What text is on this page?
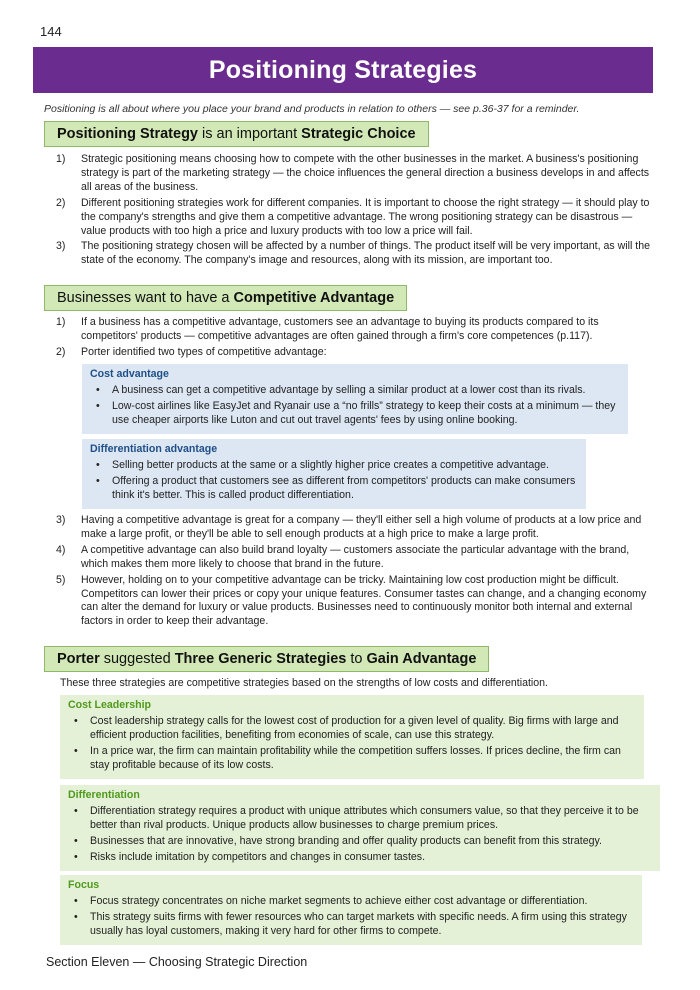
144
Positioning Strategies
Positioning is all about where you place your brand and products in relation to others — see p.36-37 for a reminder.
Positioning Strategy is an important Strategic Choice
1) Strategic positioning means choosing how to compete with the other businesses in the market. A business's positioning strategy is part of the marketing strategy — the choice influences the general direction a business develops in and affects all areas of the business.
2) Different positioning strategies work for different companies. It is important to choose the right strategy — it should play to the company's strengths and give them a competitive advantage. The wrong positioning strategy can be disastrous — value products with too high a price and luxury products with too low a price will fail.
3) The positioning strategy chosen will be affected by a number of things. The product itself will be very important, as will the state of the economy. The company's image and resources, along with its mission, are important too.
Businesses want to have a Competitive Advantage
1) If a business has a competitive advantage, customers see an advantage to buying its products compared to its competitors' products — competitive advantages are often gained through a firm's core competences (p.117).
2) Porter identified two types of competitive advantage:
Cost advantage
• A business can get a competitive advantage by selling a similar product at a lower cost than its rivals.
• Low-cost airlines like EasyJet and Ryanair use a “no frills” strategy to keep their costs at a minimum — they use cheaper airports like Luton and cut out travel agents' fees by using online booking.
Differentiation advantage
• Selling better products at the same or a slightly higher price creates a competitive advantage.
• Offering a product that customers see as different from competitors' products can make consumers think it's better. This is called product differentiation.
3) Having a competitive advantage is great for a company — they'll either sell a high volume of products at a low price and make a large profit, or they'll be able to sell enough products at a high price to make a large profit.
4) A competitive advantage can also build brand loyalty — customers associate the particular advantage with the brand, which makes them more likely to choose that brand in the future.
5) However, holding on to your competitive advantage can be tricky. Maintaining low cost production might be difficult. Competitors can lower their prices or copy your unique features. Consumer tastes can change, and a changing economy can alter the demand for luxury or value products. Businesses need to continuously monitor both internal and external factors in order to keep their advantage.
Porter suggested Three Generic Strategies to Gain Advantage
These three strategies are competitive strategies based on the strengths of low costs and differentiation.
Cost Leadership
• Cost leadership strategy calls for the lowest cost of production for a given level of quality. Big firms with large and efficient production facilities, benefiting from economies of scale, can use this strategy.
• In a price war, the firm can maintain profitability while the competition suffers losses. If prices decline, the firm can stay profitable because of its low costs.
Differentiation
• Differentiation strategy requires a product with unique attributes which consumers value, so that they perceive it to be better than rival products. Unique products allow businesses to charge premium prices.
• Businesses that are innovative, have strong branding and offer quality products can benefit from this strategy.
• Risks include imitation by competitors and changes in consumer tastes.
Focus
• Focus strategy concentrates on niche market segments to achieve either cost advantage or differentiation.
• This strategy suits firms with fewer resources who can target markets with specific needs. A firm using this strategy usually has loyal customers, making it very hard for other firms to compete.
Section Eleven — Choosing Strategic Direction
